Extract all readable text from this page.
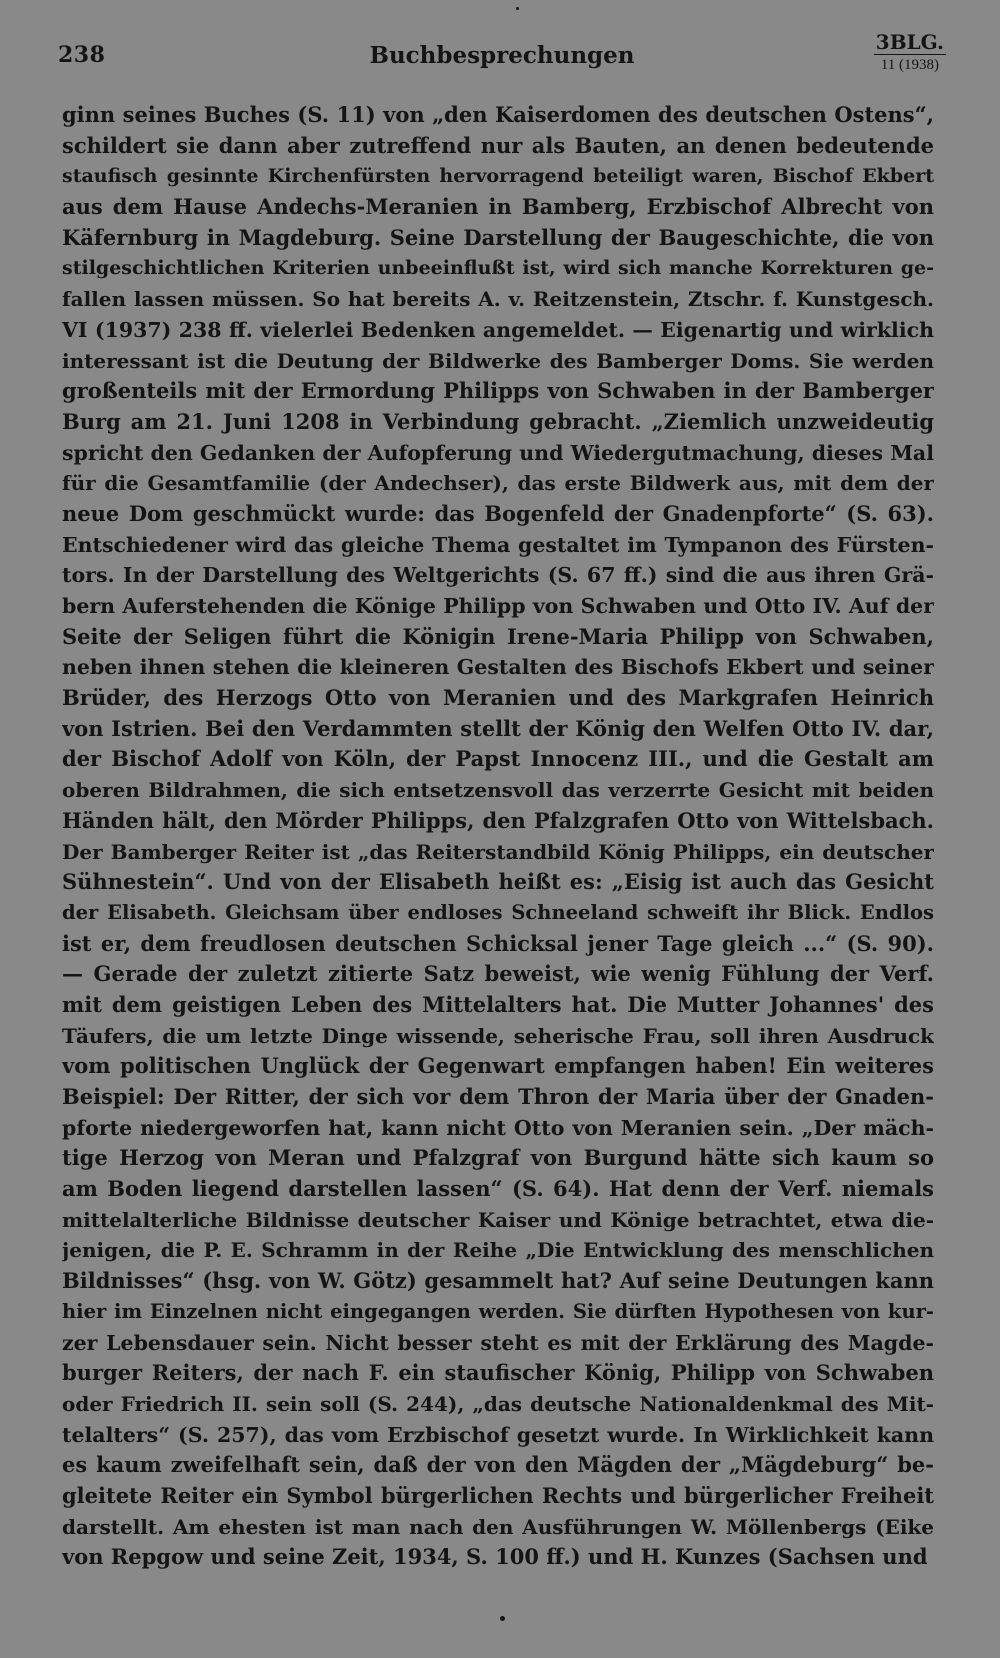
238	Buchbesprechungen	3BLG.
11 (1938)
ginn seines Buches (S. 11) von „den Kaiserdomen des deutschen Ostens“,
schildert sie dann aber zutreffend nur als Bauten, an denen bedeutende
staufisch gesinnte Kirchenfürsten hervorragend beteiligt waren, Bischof Ekbert
aus dem Hause Andechs-Meranien in Bamberg, Erzbischof Albrecht von
Käfernburg in Magdeburg. Seine Darstellung der Baugeschichte, die von
stilgeschichtlichen Kriterien unbeeinflußt ist, wird sich manche Korrekturen ge-
fallen lassen müssen. So hat bereits A. v. Reitzenstein, Ztschr. f. Kunstgesch.
VI (1937) 238 ff. vielerlei Bedenken angemeldet. — Eigenartig und wirklich
interessant ist die Deutung der Bildwerke des Bamberger Doms. Sie werden
großenteils mit der Ermordung Philipps von Schwaben in der Bamberger
Burg am 21. Juni 1208 in Verbindung gebracht. „Ziemlich unzweideutig
spricht den Gedanken der Aufopferung und Wiedergutmachung, dieses Mal
für die Gesamtfamilie (der Andechser), das erste Bildwerk aus, mit dem der
neue Dom geschmückt wurde: das Bogenfeld der Gnadenpforte“ (S. 63).
Entschiedener wird das gleiche Thema gestaltet im Tympanon des Fürsten-
tors. In der Darstellung des Weltgerichts (S. 67 ff.) sind die aus ihren Grä-
bern Auferstehenden die Könige Philipp von Schwaben und Otto IV. Auf der
Seite der Seligen führt die Königin Irene-Maria Philipp von Schwaben,
neben ihnen stehen die kleineren Gestalten des Bischofs Ekbert und seiner
Brüder, des Herzogs Otto von Meranien und des Markgrafen Heinrich
von Istrien. Bei den Verdammten stellt der König den Welfen Otto IV. dar,
der Bischof Adolf von Köln, der Papst Innocenz III., und die Gestalt am
oberen Bildrahmen, die sich entsetzensvoll das verzerrte Gesicht mit beiden
Händen hält, den Mörder Philipps, den Pfalzgrafen Otto von Wittelsbach.
Der Bamberger Reiter ist „das Reiterstandbild König Philipps, ein deutscher
Sühnestein“. Und von der Elisabeth heißt es: „Eisig ist auch das Gesicht
der Elisabeth. Gleichsam über endloses Schneeland schweift ihr Blick. Endlos
ist er, dem freudlosen deutschen Schicksal jener Tage gleich ...“ (S. 90).
— Gerade der zuletzt zitierte Satz beweist, wie wenig Fühlung der Verf.
mit dem geistigen Leben des Mittelalters hat. Die Mutter Johannes' des
Täufers, die um letzte Dinge wissende, seherische Frau, soll ihren Ausdruck
vom politischen Unglück der Gegenwart empfangen haben! Ein weiteres
Beispiel: Der Ritter, der sich vor dem Thron der Maria über der Gnaden-
pforte niedergeworfen hat, kann nicht Otto von Meranien sein. „Der mäch-
tige Herzog von Meran und Pfalzgraf von Burgund hätte sich kaum so
am Boden liegend darstellen lassen“ (S. 64). Hat denn der Verf. niemals
mittelalterliche Bildnisse deutscher Kaiser und Könige betrachtet, etwa die-
jenigen, die P. E. Schramm in der Reihe „Die Entwicklung des menschlichen
Bildnisses“ (hsg. von W. Götz) gesammelt hat? Auf seine Deutungen kann
hier im Einzelnen nicht eingegangen werden. Sie dürften Hypothesen von kur-
zer Lebensdauer sein. Nicht besser steht es mit der Erklärung des Magde-
burger Reiters, der nach F. ein staufischer König, Philipp von Schwaben
oder Friedrich II. sein soll (S. 244), „das deutsche Nationaldenkmal des Mit-
telalters“ (S. 257), das vom Erzbischof gesetzt wurde. In Wirklichkeit kann
es kaum zweifelhaft sein, daß der von den Mägden der „Mägdeburg“ be-
gleitete Reiter ein Symbol bürgerlichen Rechts und bürgerlicher Freiheit
darstellt. Am ehesten ist man nach den Ausführungen W. Möllenbergs (Eike
von Repgow und seine Zeit, 1934, S. 100 ff.) und H. Kunzes (Sachsen und
